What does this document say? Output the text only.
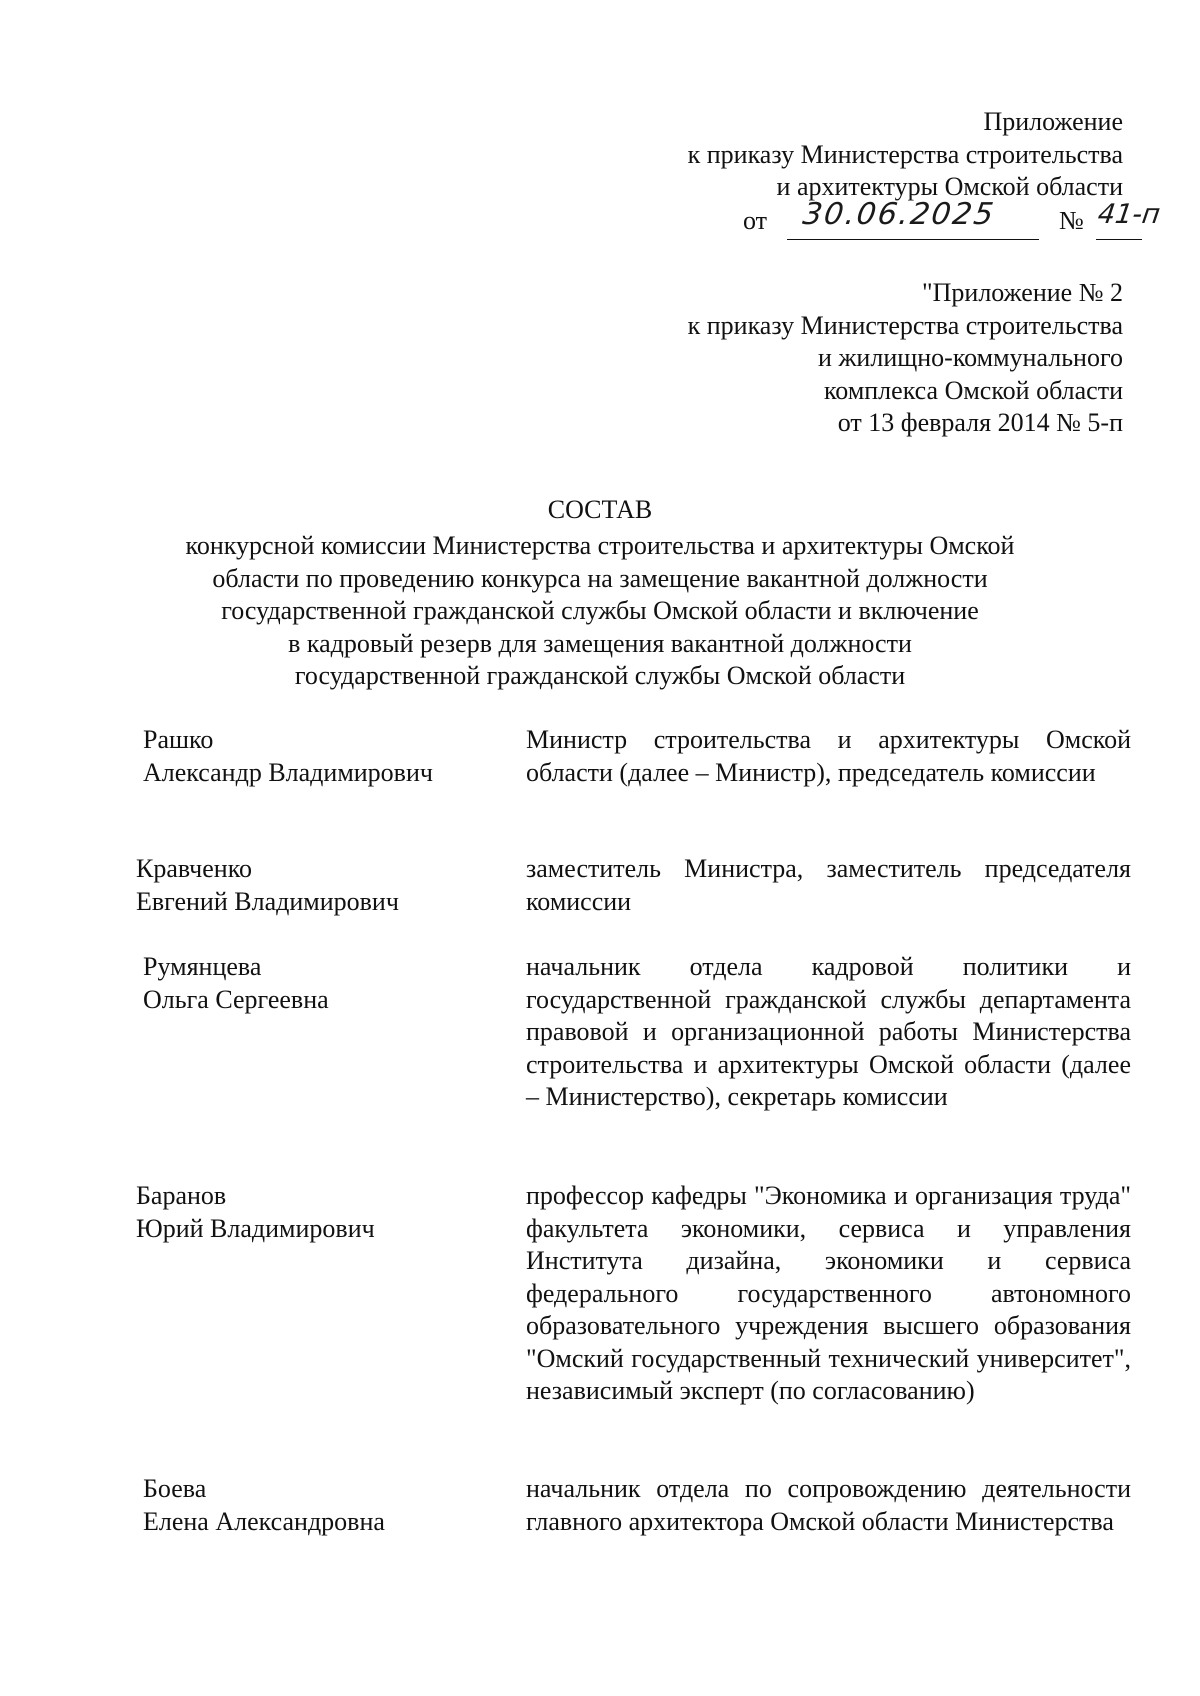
Приложение
к приказу Министерства строительства
и архитектуры Омской области
от 30.06.2025 № 41-п
"Приложение № 2
к приказу Министерства строительства
и жилищно-коммунального
комплекса Омской области
от 13 февраля 2014 № 5-п
СОСТАВ
конкурсной комиссии Министерства строительства и архитектуры Омской
области по проведению конкурса на замещение вакантной должности
государственной гражданской службы Омской области и включение
в кадровый резерв для замещения вакантной должности
государственной гражданской службы Омской области
Рашко
Александр Владимирович
Министр строительства и архитектуры Омской области (далее – Министр), председатель комиссии
Кравченко
Евгений Владимирович
заместитель Министра, заместитель председателя комиссии
Румянцева
Ольга Сергеевна
начальник отдела кадровой политики и государственной гражданской службы департамента правовой и организационной работы Министерства строительства и архитектуры Омской области (далее – Министерство), секретарь комиссии
Баранов
Юрий Владимирович
профессор кафедры "Экономика и организация труда" факультета экономики, сервиса и управления Института дизайна, экономики и сервиса федерального государственного автономного образовательного учреждения высшего образования "Омский государственный технический университет", независимый эксперт (по согласованию)
Боева
Елена Александровна
начальник отдела по сопровождению деятельности главного архитектора Омской области Министерства
